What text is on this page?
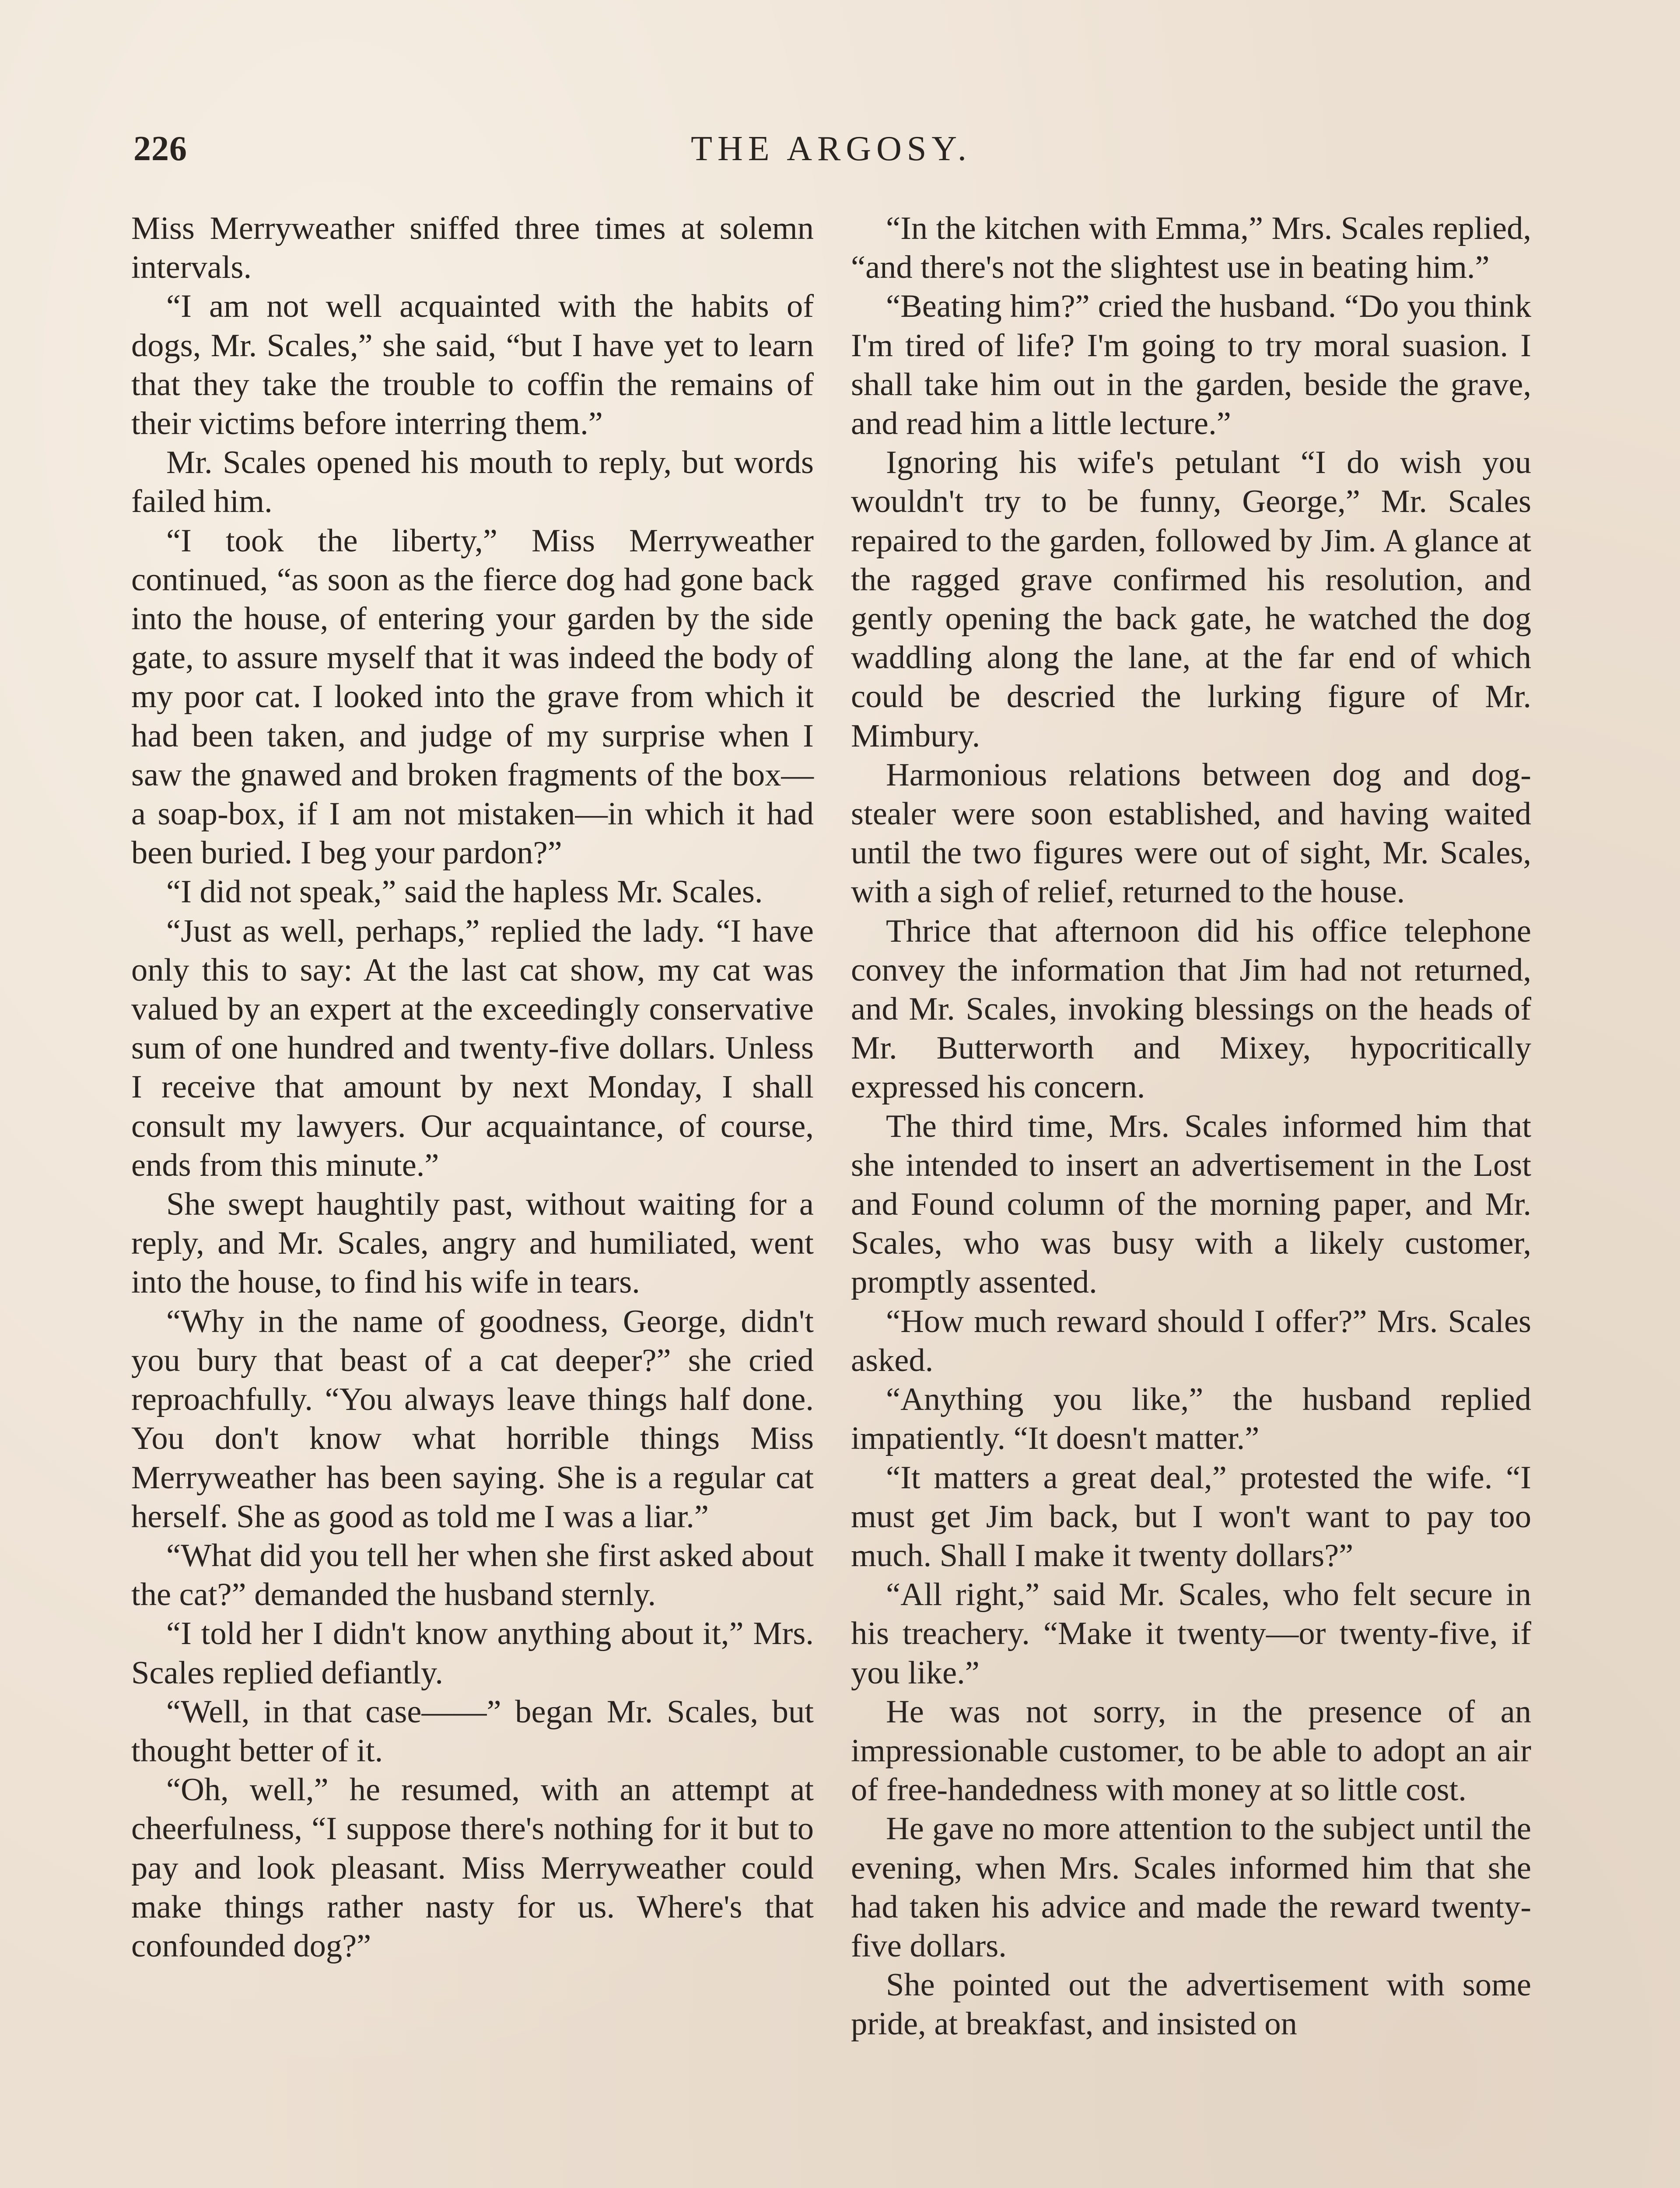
226	THE ARGOSY.

Miss Merryweather sniffed three times at solemn intervals.

“I am not well acquainted with the habits of dogs, Mr. Scales,” she said, “but I have yet to learn that they take the trouble to coffin the remains of their victims before interring them.”

Mr. Scales opened his mouth to reply, but words failed him.

“I took the liberty,” Miss Merryweather continued, “as soon as the fierce dog had gone back into the house, of entering your garden by the side gate, to assure myself that it was indeed the body of my poor cat. I looked into the grave from which it had been taken, and judge of my surprise when I saw the gnawed and broken fragments of the box—a soap-box, if I am not mistaken—in which it had been buried. I beg your pardon?”

“I did not speak,” said the hapless Mr. Scales.

“Just as well, perhaps,” replied the lady. “I have only this to say: At the last cat show, my cat was valued by an expert at the exceedingly conservative sum of one hundred and twenty-five dollars. Unless I receive that amount by next Monday, I shall consult my lawyers. Our acquaintance, of course, ends from this minute.”

She swept haughtily past, without waiting for a reply, and Mr. Scales, angry and humiliated, went into the house, to find his wife in tears.

“Why in the name of goodness, George, didn't you bury that beast of a cat deeper?” she cried reproachfully. “You always leave things half done. You don't know what horrible things Miss Merryweather has been saying. She is a regular cat herself. She as good as told me I was a liar.”

“What did you tell her when she first asked about the cat?” demanded the husband sternly.

“I told her I didn't know anything about it,” Mrs. Scales replied defiantly.

“Well, in that case——” began Mr. Scales, but thought better of it.

“Oh, well,” he resumed, with an attempt at cheerfulness, “I suppose there's nothing for it but to pay and look pleasant. Miss Merryweather could make things rather nasty for us. Where's that confounded dog?”

“In the kitchen with Emma,” Mrs. Scales replied, “and there's not the slightest use in beating him.”

“Beating him?” cried the husband. “Do you think I'm tired of life? I'm going to try moral suasion. I shall take him out in the garden, beside the grave, and read him a little lecture.”

Ignoring his wife's petulant “I do wish you wouldn't try to be funny, George,” Mr. Scales repaired to the garden, followed by Jim. A glance at the ragged grave confirmed his resolution, and gently opening the back gate, he watched the dog waddling along the lane, at the far end of which could be descried the lurking figure of Mr. Mimbury.

Harmonious relations between dog and dog-stealer were soon established, and having waited until the two figures were out of sight, Mr. Scales, with a sigh of relief, returned to the house.

Thrice that afternoon did his office telephone convey the information that Jim had not returned, and Mr. Scales, invoking blessings on the heads of Mr. Butterworth and Mixey, hypocritically expressed his concern.

The third time, Mrs. Scales informed him that she intended to insert an advertisement in the Lost and Found column of the morning paper, and Mr. Scales, who was busy with a likely customer, promptly assented.

“How much reward should I offer?” Mrs. Scales asked.

“Anything you like,” the husband replied impatiently. “It doesn't matter.”

“It matters a great deal,” protested the wife. “I must get Jim back, but I won't want to pay too much. Shall I make it twenty dollars?”

“All right,” said Mr. Scales, who felt secure in his treachery. “Make it twenty—or twenty-five, if you like.”

He was not sorry, in the presence of an impressionable customer, to be able to adopt an air of free-handedness with money at so little cost.

He gave no more attention to the subject until the evening, when Mrs. Scales informed him that she had taken his advice and made the reward twenty-five dollars.

She pointed out the advertisement with some pride, at breakfast, and insisted on
